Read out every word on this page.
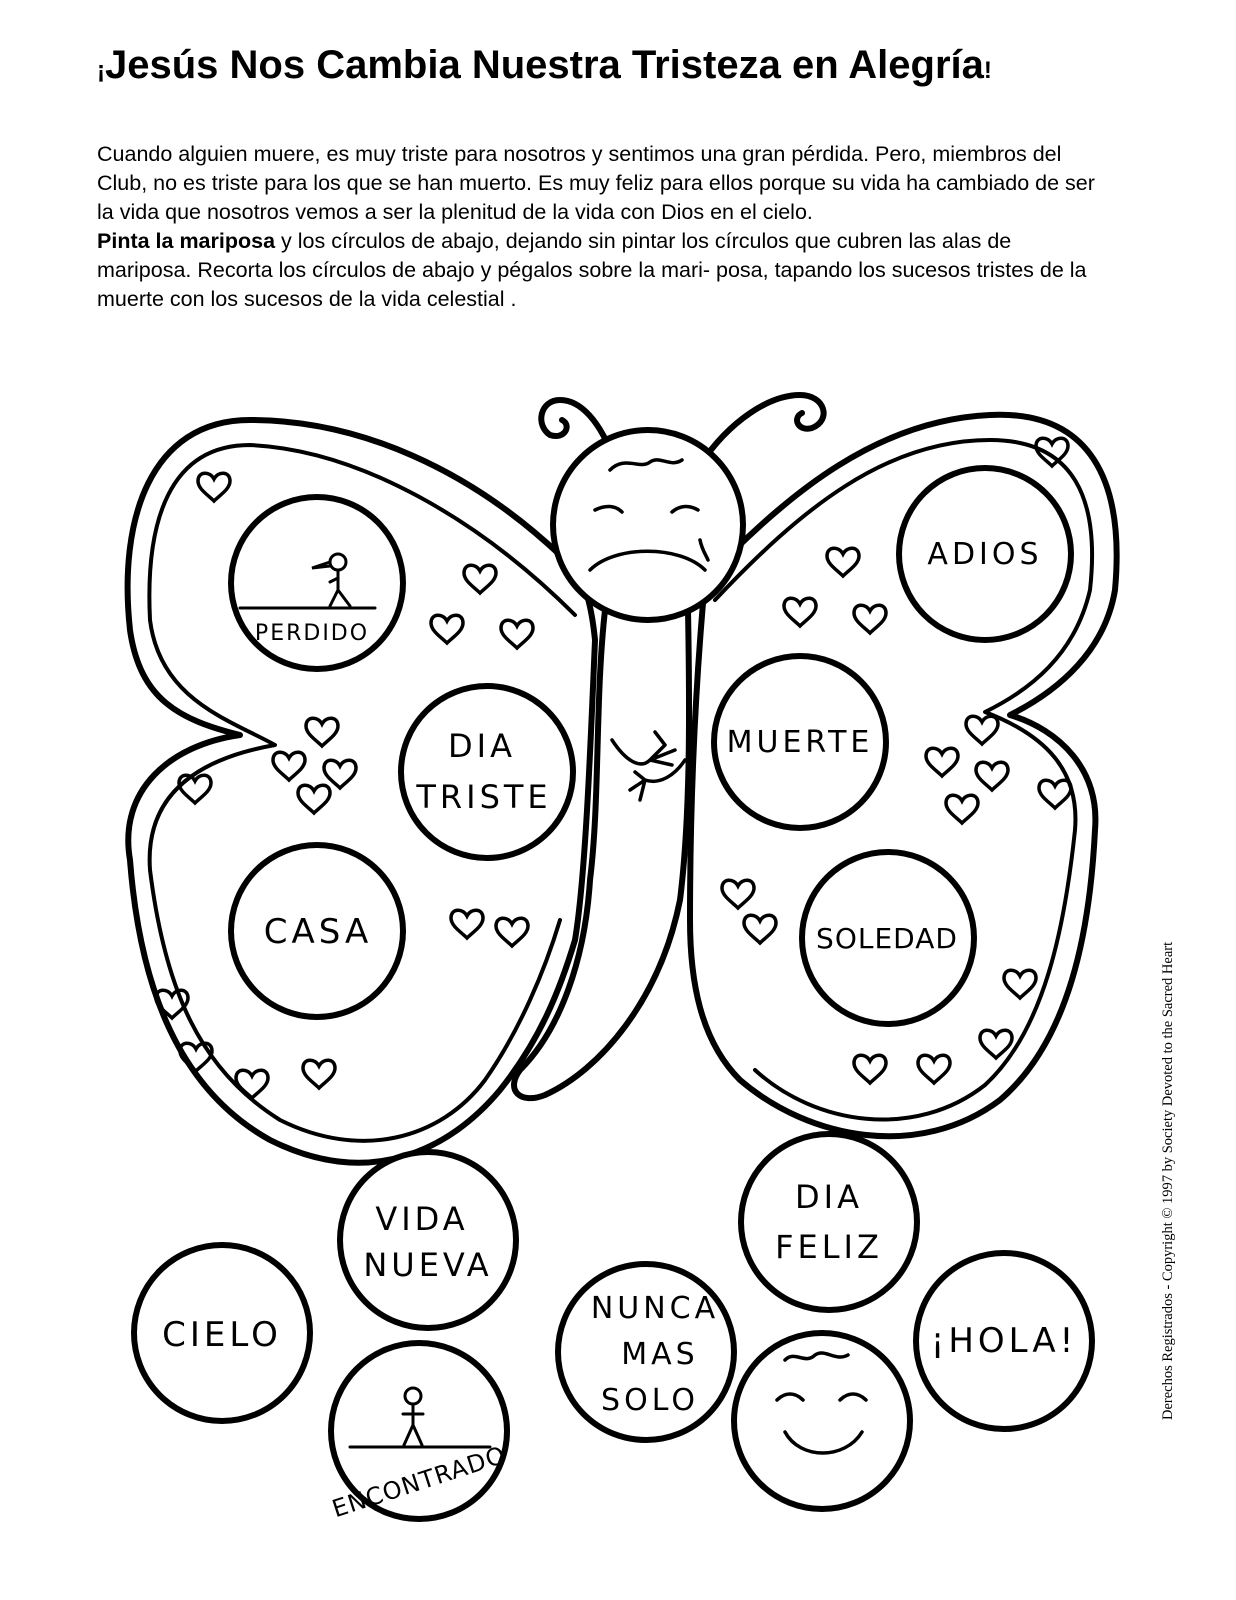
¡Jesús Nos Cambia Nuestra Tristeza en Alegría!

Cuando alguien muere, es muy triste para nosotros y sentimos una gran pérdida. Pero, miembros del Club, no es triste para los que se han muerto. Es muy feliz para ellos porque su vida ha cambiado de ser la vida que nosotros vemos a ser la plenitud de la vida con Dios en el cielo.

Pinta la mariposa y los círculos de abajo, dejando sin pintar los círculos que cubren las alas de mariposa. Recorta los círculos de abajo y pégalos sobre la mari- posa, tapando los sucesos tristes de la muerte con los sucesos de la vida celestial .

PERDIDO
DIA
TRISTE
CASA
ADIOS
MUERTE
SOLEDAD
VIDA
NUEVA
CIELO
ENCONTRADO
DIA
FELIZ
NUNCA
MAS
SOLO
¡HOLA!	Derechos Registrados - Copyright © 1997 by Society Devoted to the Sacred Heart
